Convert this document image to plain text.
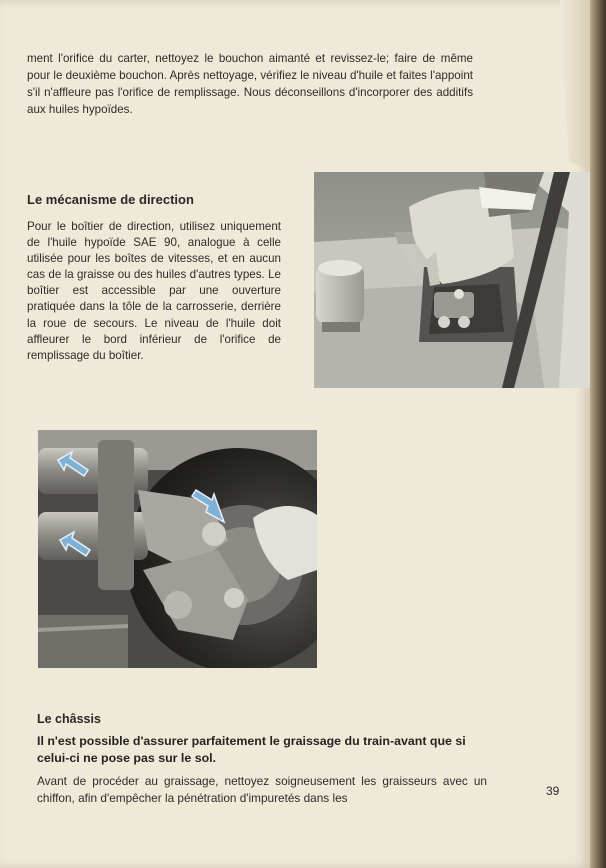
ment l'orifice du carter, nettoyez le bouchon aimanté et revissez-le; faire de même pour le deuxième bouchon. Après nettoyage, vérifiez le niveau d'huile et faites l'appoint s'il n'affleure pas l'orifice de remplissage. Nous déconseillons d'incorporer des additifs aux huiles hypoïdes.

Le mécanisme de direction

Pour le boîtier de direction, utilisez uniquement de l'huile hypoïde SAE 90, analogue à celle utilisée pour les boîtes de vitesses, et en aucun cas de la graisse ou des huiles d'autres types. Le boîtier est accessible par une ouverture pratiquée dans la tôle de la carrosserie, derrière la roue de secours. Le niveau de l'huile doit affleurer le bord inférieur de l'orifice de remplissage du boîtier.

Le châssis

Il n'est possible d'assurer parfaitement le graissage du train-avant que si celui-ci ne pose pas sur le sol.

Avant de procéder au graissage, nettoyez soigneusement les graisseurs avec un chiffon, afin d'empêcher la pénétration d'impuretés dans les	39
